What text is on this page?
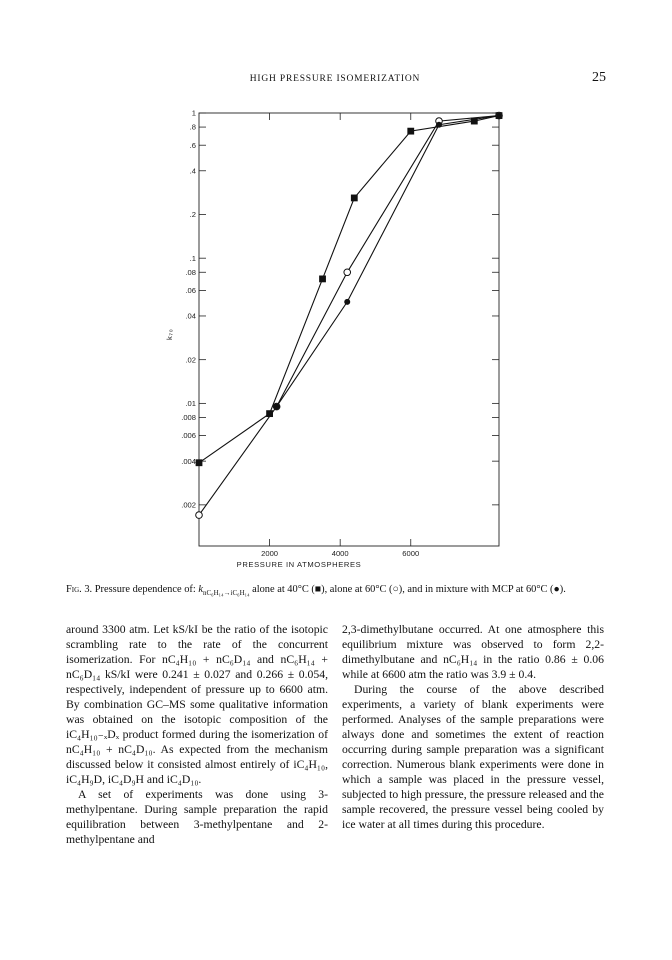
HIGH PRESSURE ISOMERIZATION	25
1
.8
.6
.4
.2
.1
.08
.06
.04
.02
.01
.008
.006
.004
.002
2000	4000	6000
k₇₀
PRESSURE IN ATMOSPHERES
Fig. 3. Pressure dependence of: $k_{nC_6H_{14}\to iC_6H_{14}}$ alone at 40°C (■), alone at 60°C (○), and in mixture with MCP at 60°C (●).

around 3300 atm. Let kS/kI be the ratio of the isotopic scrambling rate to the rate of the concurrent isomerization. For nC₄H₁₀ + nC₆D₁₄ and nC₆H₁₄ + nC₆D₁₄ kS/kI were 0.241 ± 0.027 and 0.266 ± 0.054, respectively, independent of pressure up to 6600 atm. By combination GC–MS some qualitative information was obtained on the isotopic composition of the iC₄H₁₀₋ₓDₓ product formed during the isomerization of nC₄H₁₀ + nC₄D₁₀. As expected from the mechanism discussed below it consisted almost entirely of iC₄H₁₀, iC₄H₉D, iC₄D₉H and iC₄D₁₀.

A set of experiments was done using 3-methylpentane. During sample preparation the rapid equilibration between 3-methylpentane and 2-methylpentane and

2,3-dimethylbutane occurred. At one atmosphere this equilibrium mixture was observed to form 2,2-dimethylbutane and nC₆H₁₄ in the ratio 0.86 ± 0.06 while at 6600 atm the ratio was 3.9 ± 0.4.

During the course of the above described experiments, a variety of blank experiments were performed. Analyses of the sample preparations were always done and sometimes the extent of reaction occurring during sample preparation was a significant correction. Numerous blank experiments were done in which a sample was placed in the pressure vessel, subjected to high pressure, the pressure released and the sample recovered, the pressure vessel being cooled by ice water at all times during this procedure.
